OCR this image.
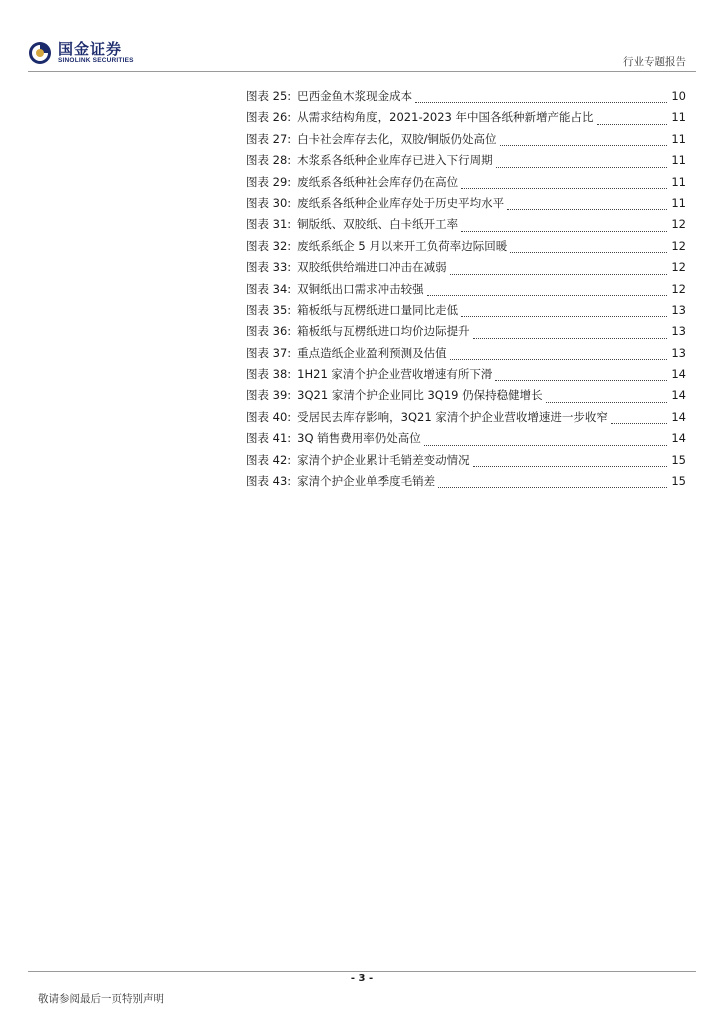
国金证券
SINOLINK SECURITIES	行业专题报告
图表 25: 巴西金鱼木浆现金成本	10
图表 26: 从需求结构角度，2021-2023 年中国各纸种新增产能占比	11
图表 27: 白卡社会库存去化，双胶/铜版仍处高位	11
图表 28: 木浆系各纸种企业库存已进入下行周期	11
图表 29: 废纸系各纸种社会库存仍在高位	11
图表 30: 废纸系各纸种企业库存处于历史平均水平	11
图表 31: 铜版纸、双胶纸、白卡纸开工率	12
图表 32: 废纸系纸企 5 月以来开工负荷率边际回暖	12
图表 33: 双胶纸供给端进口冲击在减弱	12
图表 34: 双铜纸出口需求冲击较强	12
图表 35: 箱板纸与瓦楞纸进口量同比走低	13
图表 36: 箱板纸与瓦楞纸进口均价边际提升	13
图表 37: 重点造纸企业盈利预测及估值	13
图表 38: 1H21 家清个护企业营收增速有所下滑	14
图表 39: 3Q21 家清个护企业同比 3Q19 仍保持稳健增长	14
图表 40: 受居民去库存影响，3Q21 家清个护企业营收增速进一步收窄	14
图表 41: 3Q 销售费用率仍处高位	14
图表 42: 家清个护企业累计毛销差变动情况	15
图表 43: 家清个护企业单季度毛销差	15
- 3 -
敬请参阅最后一页特别声明
